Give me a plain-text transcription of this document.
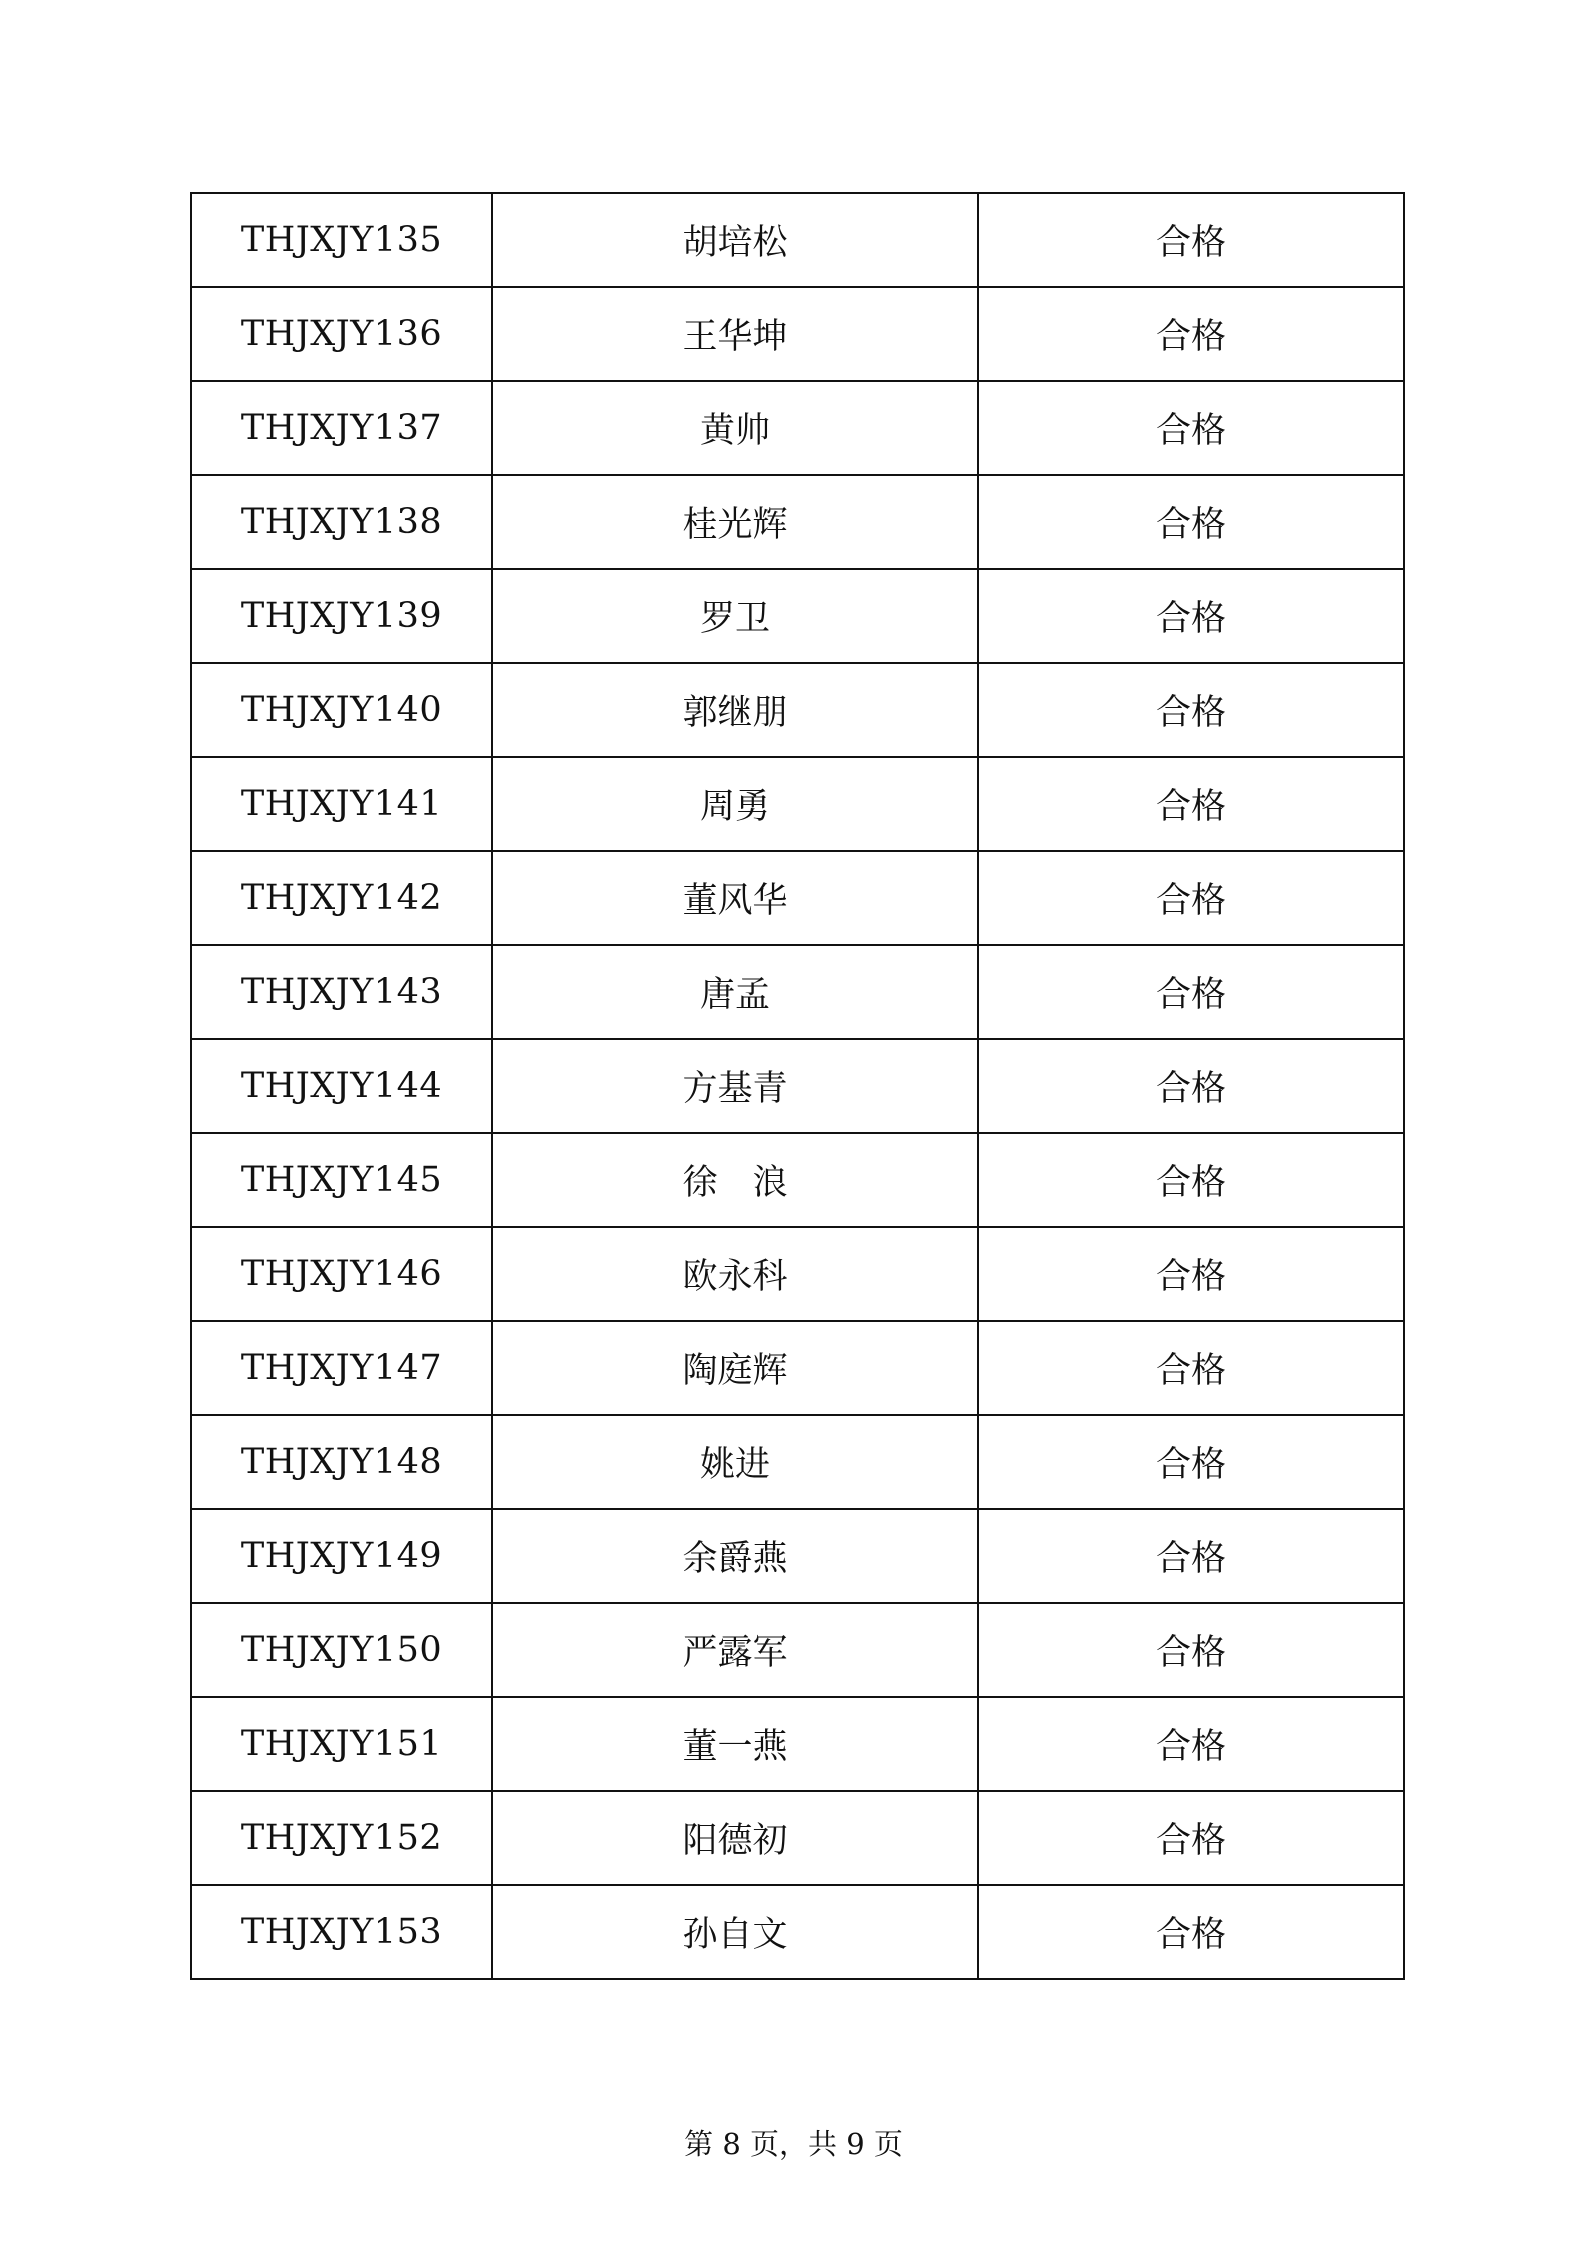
THJXJY135	胡培松	合格
THJXJY136	王华坤	合格
THJXJY137	黄帅	合格
THJXJY138	桂光辉	合格
THJXJY139	罗卫	合格
THJXJY140	郭继朋	合格
THJXJY141	周勇	合格
THJXJY142	董风华	合格
THJXJY143	唐孟	合格
THJXJY144	方基青	合格
THJXJY145	徐　浪	合格
THJXJY146	欧永科	合格
THJXJY147	陶庭辉	合格
THJXJY148	姚进	合格
THJXJY149	余爵燕	合格
THJXJY150	严露军	合格
THJXJY151	董一燕	合格
THJXJY152	阳德初	合格
THJXJY153	孙自文	合格
第 8 页，共 9 页
